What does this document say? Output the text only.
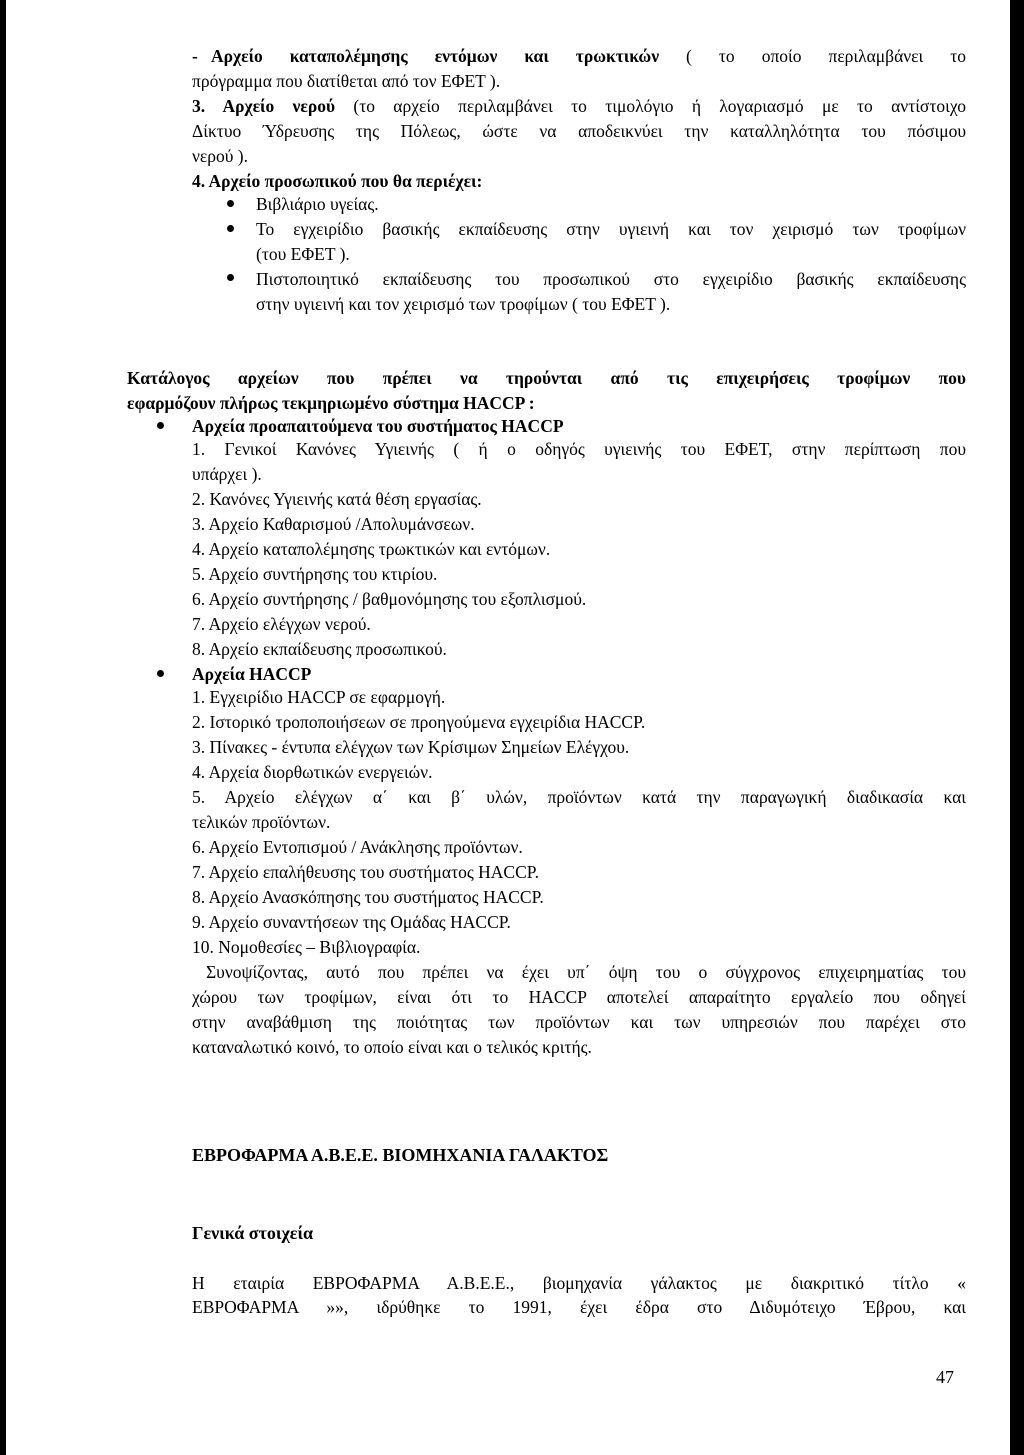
- Αρχείο καταπολέμησης εντόμων και τρωκτικών ( το οποίο περιλαμβάνει το
πρόγραμμα που διατίθεται από τον ΕΦΕΤ ).
3. Αρχείο νερού (το αρχείο περιλαμβάνει το τιμολόγιο ή λογαριασμό με το αντίστοιχο
Δίκτυο Ύδρευσης της Πόλεως, ώστε να αποδεικνύει την καταλληλότητα του πόσιμου
νερού ).
4. Αρχείο προσωπικού που θα περιέχει:
Βιβλιάριο υγείας.
Το εγχειρίδιο βασικής εκπαίδευσης στην υγιεινή και τον χειρισμό των τροφίμων
(του ΕΦΕΤ ).
Πιστοποιητικό εκπαίδευσης του προσωπικού στο εγχειρίδιο βασικής εκπαίδευσης
στην υγιεινή και τον χειρισμό των τροφίμων ( του ΕΦΕΤ ).
Κατάλογος αρχείων που πρέπει να τηρούνται από τις επιχειρήσεις τροφίμων που
εφαρμόζουν πλήρως τεκμηριωμένο σύστημα HACCP :
Αρχεία προαπαιτούμενα του συστήματος HACCP
1. Γενικοί Κανόνες Υγιεινής ( ή ο οδηγός υγιεινής του ΕΦΕΤ, στην περίπτωση που
υπάρχει ).
2. Κανόνες Υγιεινής κατά θέση εργασίας.
3. Αρχείο Καθαρισμού /Απολυμάνσεων.
4. Αρχείο καταπολέμησης τρωκτικών και εντόμων.
5. Αρχείο συντήρησης του κτιρίου.
6. Αρχείο συντήρησης / βαθμονόμησης του εξοπλισμού.
7. Αρχείο ελέγχων νερού.
8. Αρχείο εκπαίδευσης προσωπικού.
Αρχεία HACCP
1. Εγχειρίδιο HACCP σε εφαρμογή.
2. Ιστορικό τροποποιήσεων σε προηγούμενα εγχειρίδια HACCP.
3. Πίνακες - έντυπα ελέγχων των Κρίσιμων Σημείων Ελέγχου.
4. Αρχεία διορθωτικών ενεργειών.
5. Αρχείο ελέγχων α΄ και β΄ υλών, προϊόντων κατά την παραγωγική διαδικασία και
τελικών προϊόντων.
6. Αρχείο Εντοπισμού / Ανάκλησης προϊόντων.
7. Αρχείο επαλήθευσης του συστήματος HACCP.
8. Αρχείο Ανασκόπησης του συστήματος HACCP.
9. Αρχείο συναντήσεων της Ομάδας HACCP.
10. Νομοθεσίες – Βιβλιογραφία.
Συνοψίζοντας, αυτό που πρέπει να έχει υπ΄ όψη του ο σύγχρονος επιχειρηματίας του
χώρου των τροφίμων, είναι ότι το HACCP αποτελεί απαραίτητο εργαλείο που οδηγεί
στην αναβάθμιση της ποιότητας των προϊόντων και των υπηρεσιών που παρέχει στο
καταναλωτικό κοινό, το οποίο είναι και ο τελικός κριτής.
ΕΒΡΟΦΑΡΜΑ Α.Β.Ε.Ε. ΒΙΟΜΗΧΑΝΙΑ ΓΑΛΑΚΤΟΣ
Γενικά στοιχεία
Η εταιρία ΕΒΡΟΦΑΡΜΑ Α.Β.Ε.Ε., βιομηχανία γάλακτος με διακριτικό τίτλο «
ΕΒΡΟΦΑΡΜΑ »», ιδρύθηκε το 1991, έχει έδρα στο Διδυμότειχο Έβρου, και
47
